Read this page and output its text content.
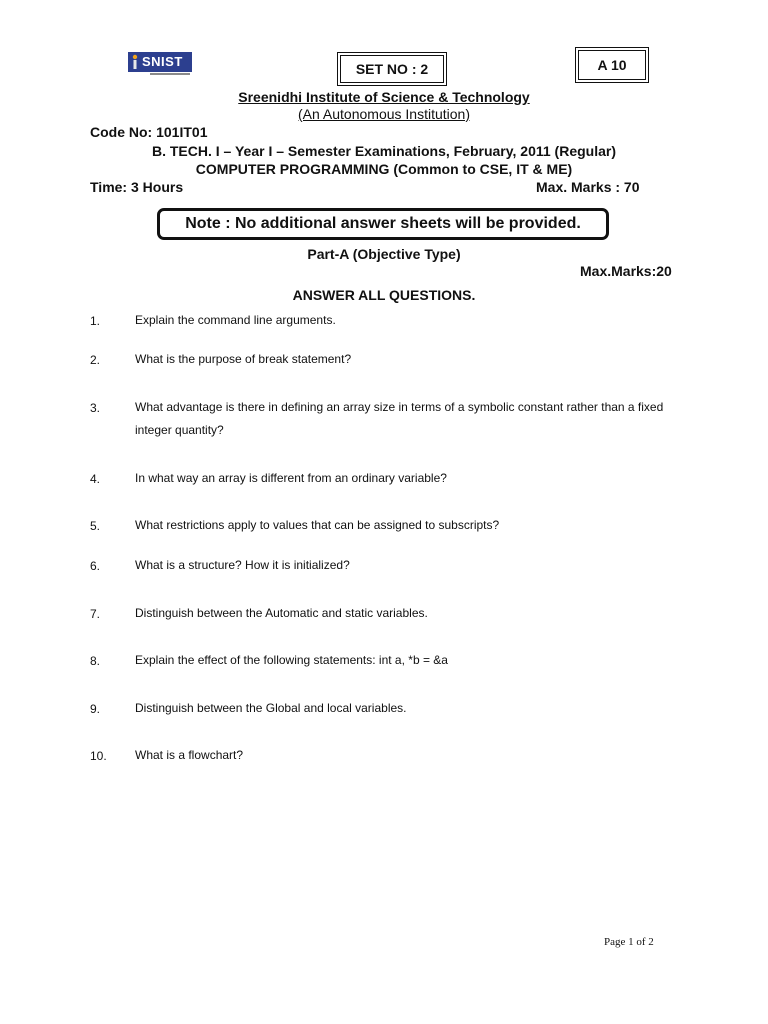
SNIST	SET NO : 2	A 10
Sreenidhi Institute of Science & Technology
(An Autonomous Institution)
Code No: 101IT01
B. TECH. I – Year I – Semester Examinations, February, 2011 (Regular)
COMPUTER PROGRAMMING (Common to CSE, IT & ME)
Time: 3 Hours	Max. Marks : 70
Note : No additional answer sheets will be provided.
Part-A (Objective Type)
Max.Marks:20
ANSWER ALL QUESTIONS.
1.	Explain the command line arguments.
2.	What is the purpose of break statement?
3.	What advantage is there in defining an array size in terms of a symbolic constant rather than a fixed integer quantity?
4.	In what way an array is different from an ordinary variable?
5.	What restrictions apply to values that can be assigned to subscripts?
6.	What is a structure? How it is initialized?
7.	Distinguish between the Automatic and static variables.
8.	Explain the effect of the following statements: int a, *b = &a
9.	Distinguish between the Global and local variables.
10. What is a flowchart?
Page 1 of 2
